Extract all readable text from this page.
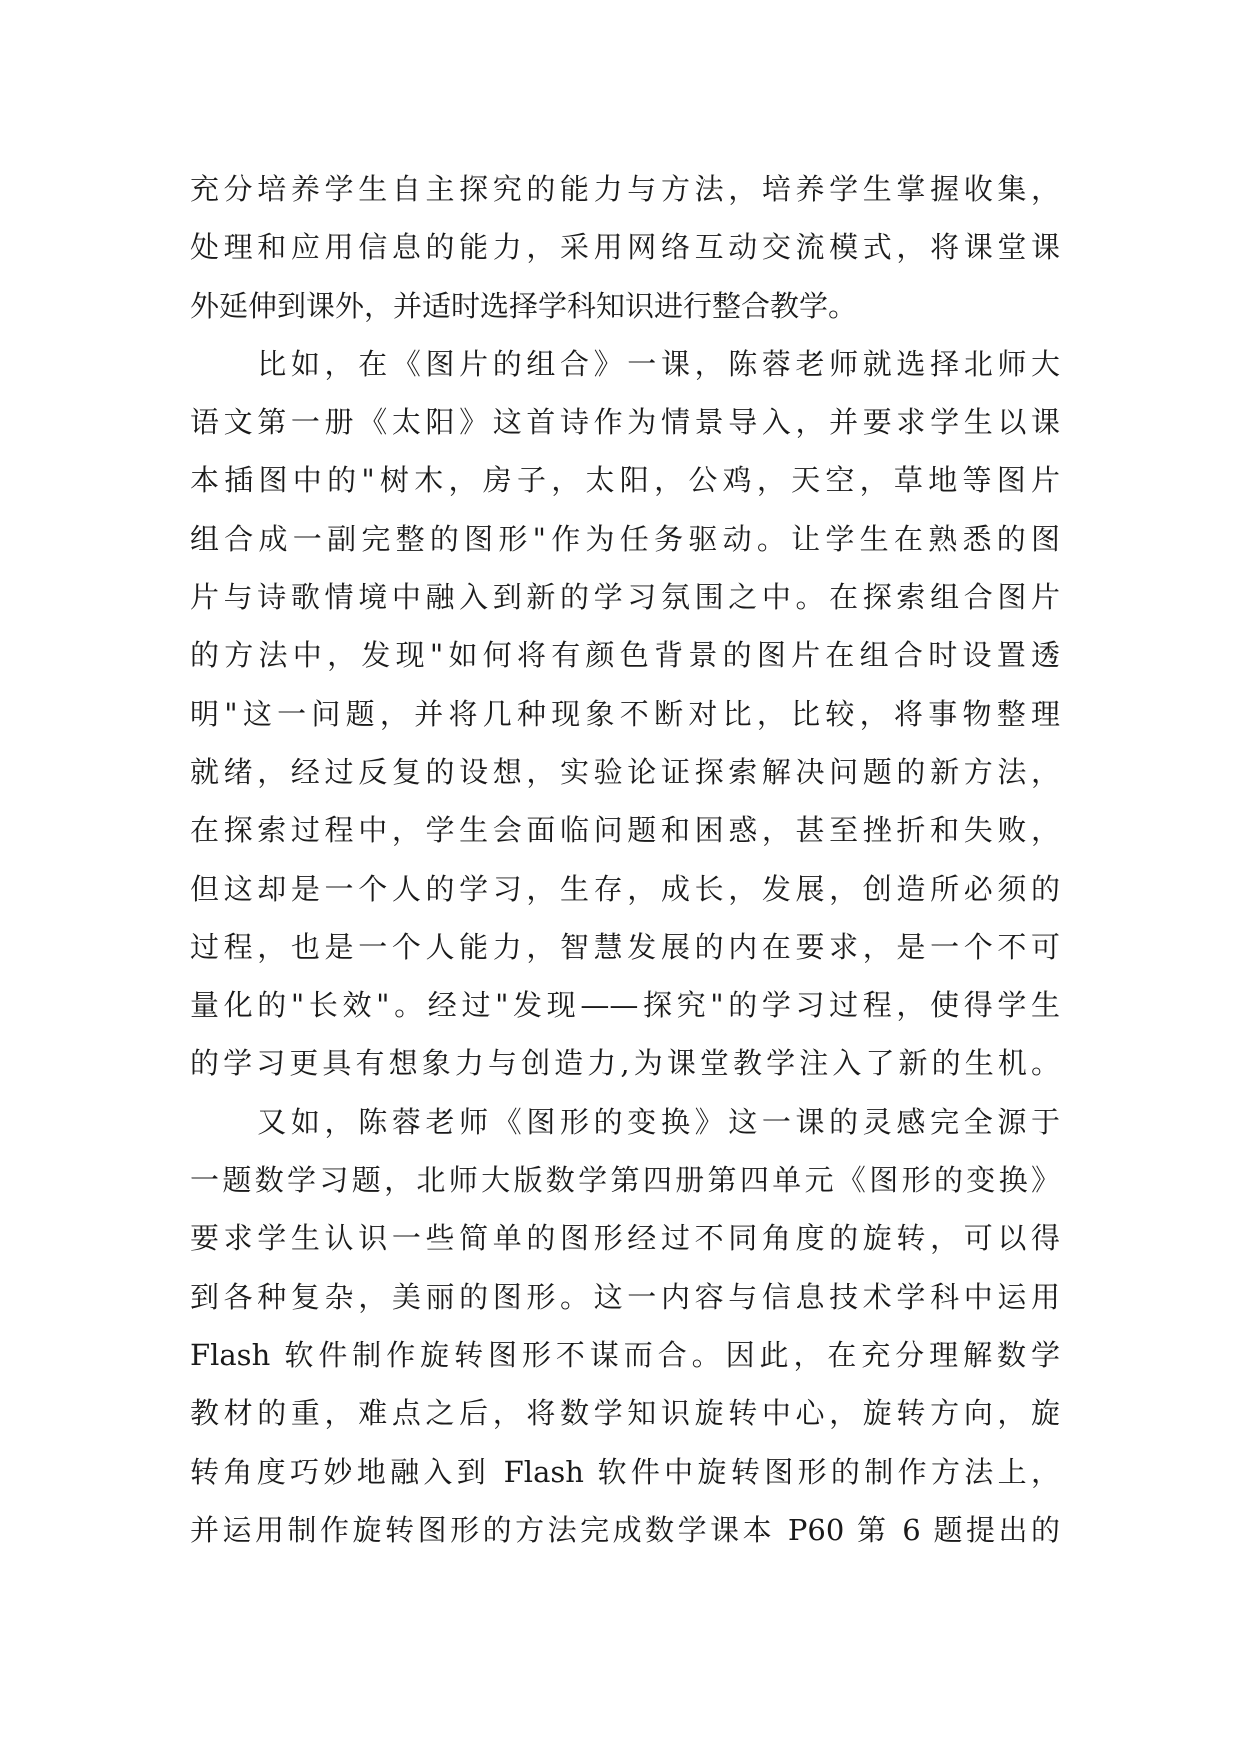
充分培养学生自主探究的能力与方法，培养学生掌握收集，
处理和应用信息的能力，采用网络互动交流模式，将课堂课
外延伸到课外，并适时选择学科知识进行整合教学。
　　比如，在《图片的组合》一课，陈蓉老师就选择北师大
语文第一册《太阳》这首诗作为情景导入，并要求学生以课
本插图中的"树木，房子，太阳，公鸡，天空，草地等图片
组合成一副完整的图形"作为任务驱动。让学生在熟悉的图
片与诗歌情境中融入到新的学习氛围之中。在探索组合图片
的方法中，发现"如何将有颜色背景的图片在组合时设置透
明"这一问题，并将几种现象不断对比，比较，将事物整理
就绪，经过反复的设想，实验论证探索解决问题的新方法，
在探索过程中，学生会面临问题和困惑，甚至挫折和失败，
但这却是一个人的学习，生存，成长，发展，创造所必须的
过程，也是一个人能力，智慧发展的内在要求，是一个不可
量化的"长效"。经过"发现——探究"的学习过程，使得学生
的学习更具有想象力与创造力,为课堂教学注入了新的生机。
　　又如，陈蓉老师《图形的变换》这一课的灵感完全源于
一题数学习题，北师大版数学第四册第四单元《图形的变换》
要求学生认识一些简单的图形经过不同角度的旋转，可以得
到各种复杂，美丽的图形。这一内容与信息技术学科中运用
Flash 软件制作旋转图形不谋而合。因此，在充分理解数学
教材的重，难点之后，将数学知识旋转中心，旋转方向，旋
转角度巧妙地融入到 Flash 软件中旋转图形的制作方法上，
并运用制作旋转图形的方法完成数学课本 P60 第 6 题提出的
